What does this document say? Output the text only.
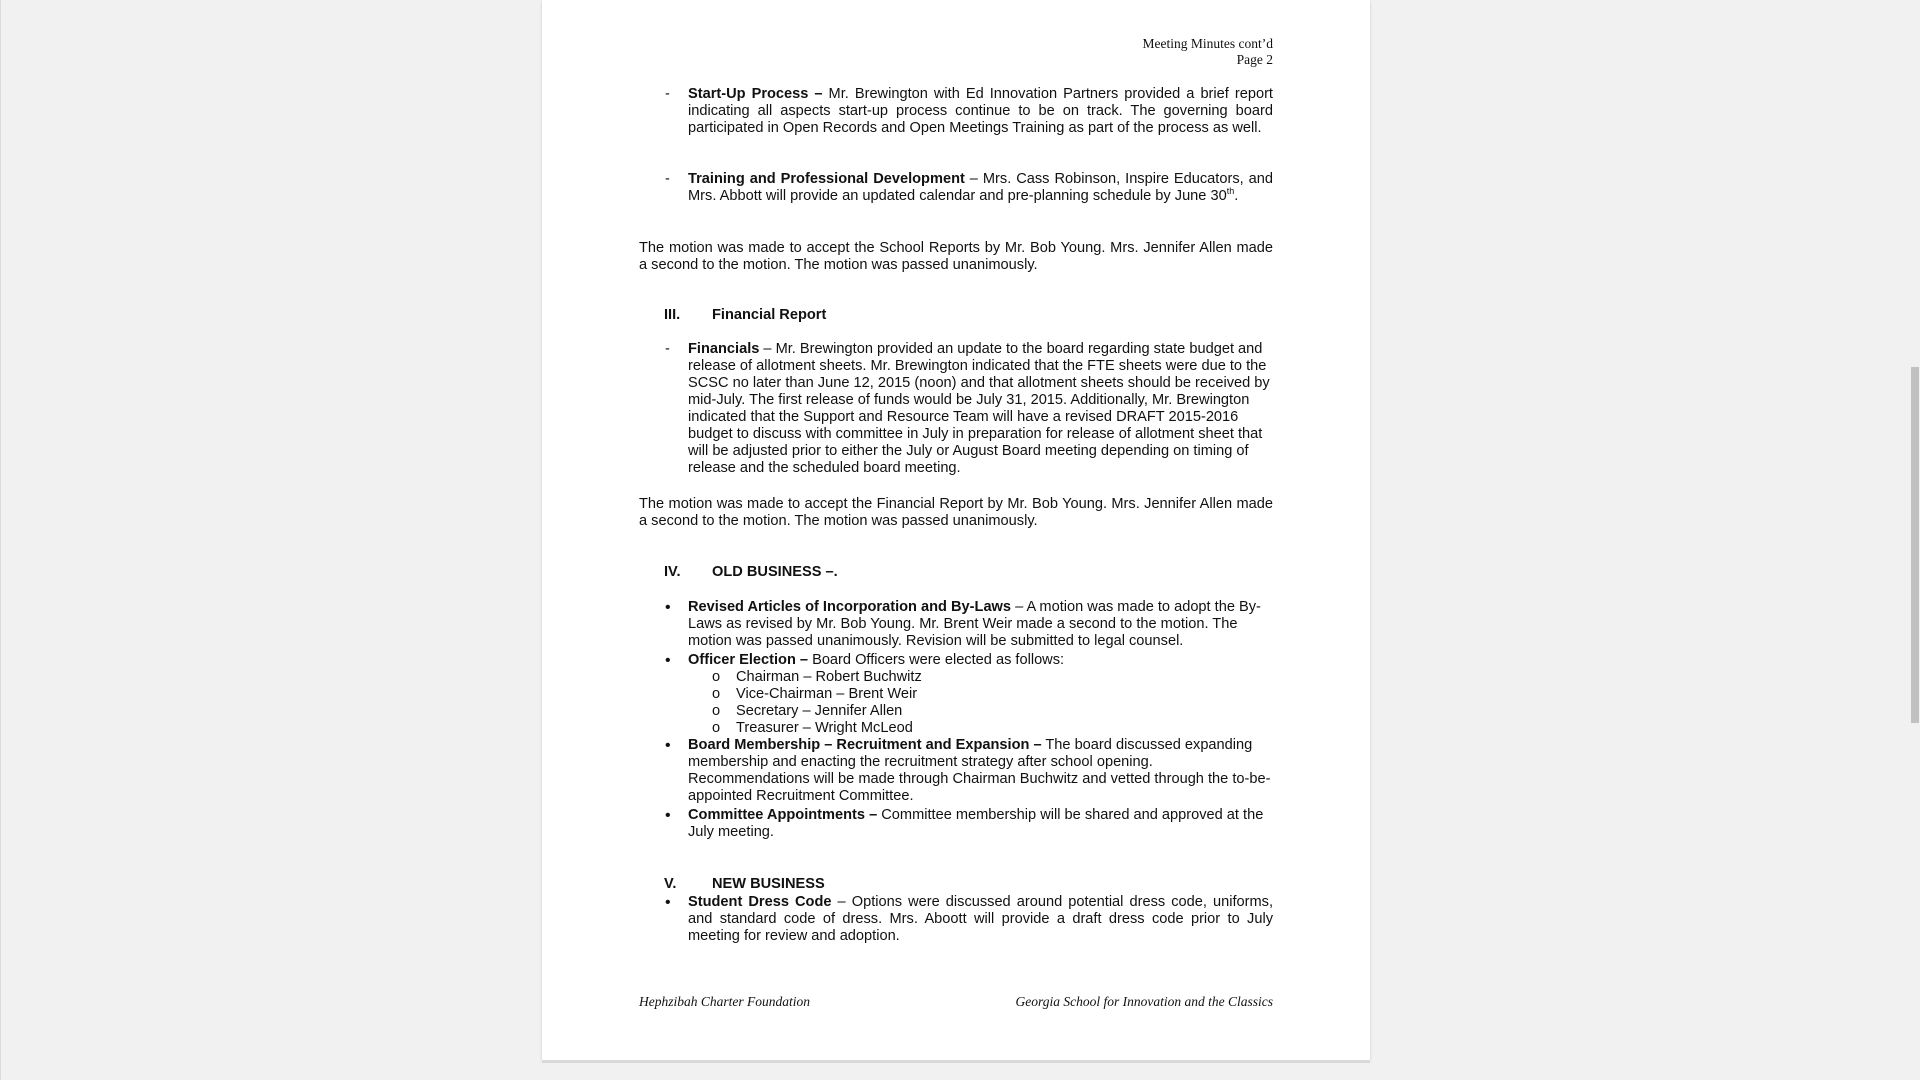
Meeting Minutes cont’d
Page 2
- Start-Up Process – Mr. Brewington with Ed Innovation Partners provided a brief report indicating all aspects start-up process continue to be on track. The governing board participated in Open Records and Open Meetings Training as part of the process as well.
- Training and Professional Development – Mrs. Cass Robinson, Inspire Educators, and Mrs. Abbott will provide an updated calendar and pre-planning schedule by June 30th.
The motion was made to accept the School Reports by Mr. Bob Young. Mrs. Jennifer Allen made a second to the motion. The motion was passed unanimously.
III. Financial Report
- Financials – Mr. Brewington provided an update to the board regarding state budget and release of allotment sheets. Mr. Brewington indicated that the FTE sheets were due to the SCSC no later than June 12, 2015 (noon) and that allotment sheets should be received by mid-July. The first release of funds would be July 31, 2015. Additionally, Mr. Brewington indicated that the Support and Resource Team will have a revised DRAFT 2015-2016 budget to discuss with committee in July in preparation for release of allotment sheet that will be adjusted prior to either the July or August Board meeting depending on timing of release and the scheduled board meeting.
The motion was made to accept the Financial Report by Mr. Bob Young. Mrs. Jennifer Allen made a second to the motion. The motion was passed unanimously.
IV. OLD BUSINESS –.
• Revised Articles of Incorporation and By-Laws – A motion was made to adopt the By-Laws as revised by Mr. Bob Young. Mr. Brent Weir made a second to the motion. The motion was passed unanimously. Revision will be submitted to legal counsel.
• Officer Election – Board Officers were elected as follows:
o Chairman – Robert Buchwitz
o Vice-Chairman – Brent Weir
o Secretary – Jennifer Allen
o Treasurer – Wright McLeod
• Board Membership – Recruitment and Expansion – The board discussed expanding membership and enacting the recruitment strategy after school opening. Recommendations will be made through Chairman Buchwitz and vetted through the to-be-appointed Recruitment Committee.
• Committee Appointments – Committee membership will be shared and approved at the July meeting.
V. NEW BUSINESS
• Student Dress Code – Options were discussed around potential dress code, uniforms, and standard code of dress. Mrs. Aboott will provide a draft dress code prior to July meeting for review and adoption.
Hephzibah Charter Foundation	Georgia School for Innovation and the Classics
